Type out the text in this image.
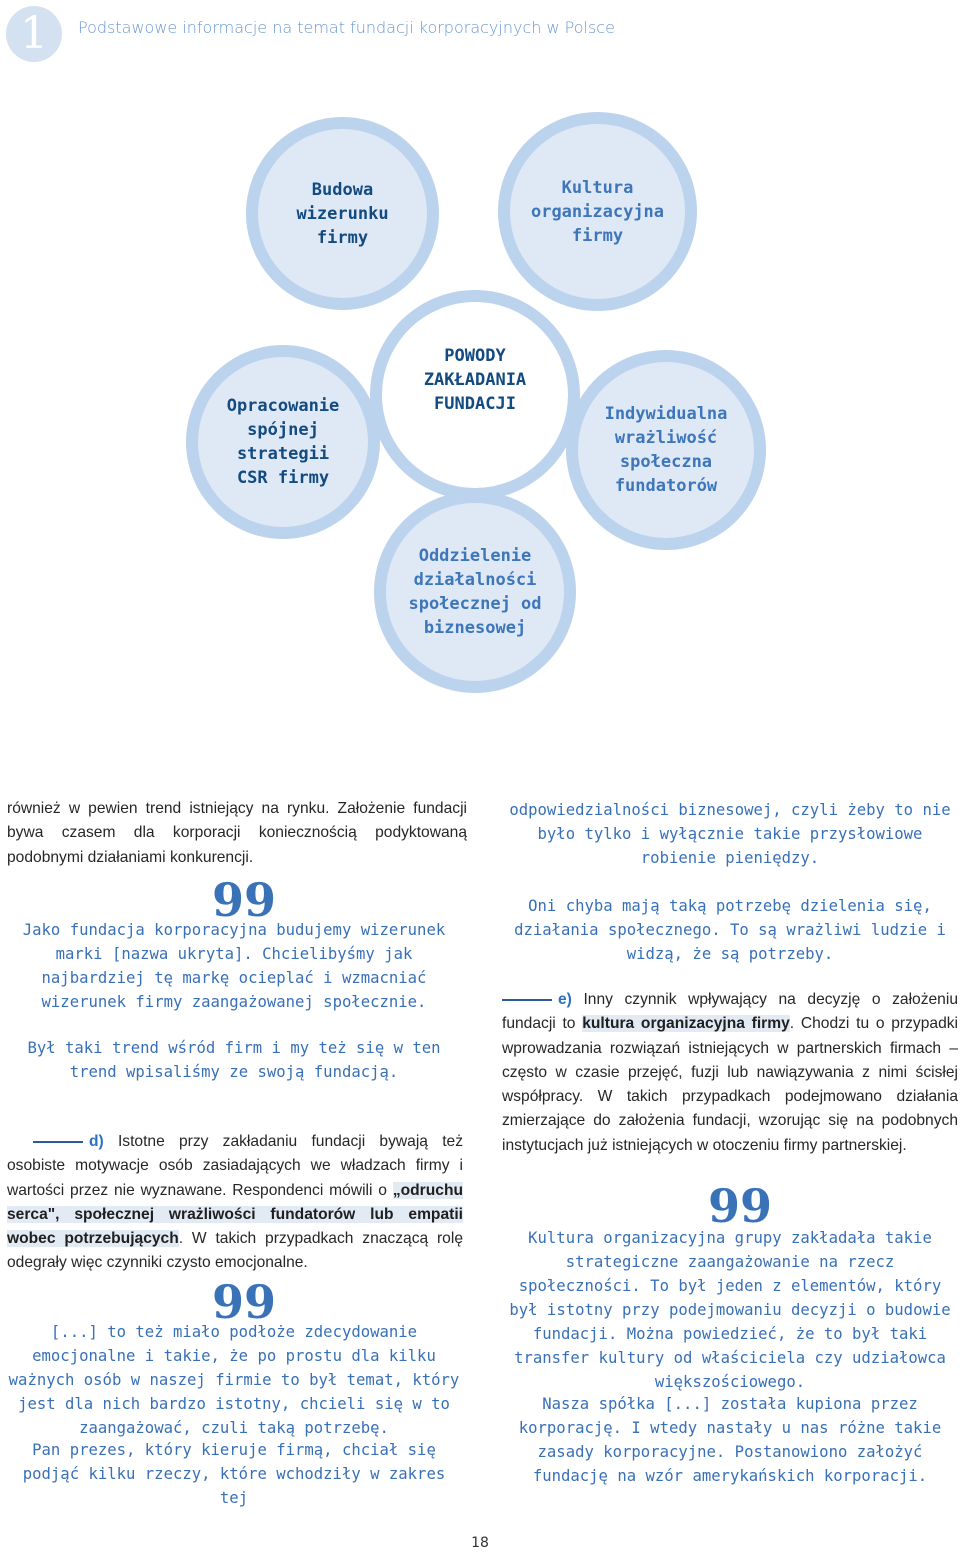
1	Podstawowe informacje na temat fundacji korporacyjnych w Polsce
Budowa
wizerunku
firmy
Kultura
organizacyjna
firmy
Opracowanie
spójnej strategii
CSR firmy
Indywidualna
wrażliwość
społeczna
fundatorów
Oddzielenie
działalności
społecznej od
biznesowej
POWODY
ZAKŁADANIA
FUNDACJI
również w pewien trend istniejący na rynku. Założenie fundacji bywa czasem dla korporacji koniecznością podyktowaną podobnymi działaniami konkurencji.
99
Jako fundacja korporacyjna budujemy wizerunek marki [nazwa ukryta]. Chcielibyśmy jak najbardziej tę markę ocieplać i wzmacniać wizerunek firmy zaangażowanej społecznie.
Był taki trend wśród firm i my też się w ten trend wpisaliśmy ze swoją fundacją.
d) Istotne przy zakładaniu fundacji bywają też osobiste motywacje osób zasiadających we władzach firmy i wartości przez nie wyznawane. Respondenci mówili o „odruchu serca", społecznej wrażliwości fundatorów lub empatii wobec potrzebujących. W takich przypadkach znaczącą rolę odegrały więc czynniki czysto emocjonalne.
99
[...] to też miało podłoże zdecydowanie emocjonalne i takie, że po prostu dla kilku ważnych osób w naszej firmie to był temat, który jest dla nich bardzo istotny, chcieli się w to zaangażować, czuli taką potrzebę.
Pan prezes, który kieruje firmą, chciał się podjąć kilku rzeczy, które wchodziły w zakres tej
odpowiedzialności biznesowej, czyli żeby to nie było tylko i wyłącznie takie przysłowiowe robienie pieniędzy.
Oni chyba mają taką potrzebę dzielenia się, działania społecznego. To są wrażliwi ludzie i widzą, że są potrzeby.
e) Inny czynnik wpływający na decyzję o założeniu fundacji to kultura organizacyjna firmy. Chodzi tu o przypadki wprowadzania rozwiązań istniejących w partnerskich firmach – często w czasie przejęć, fuzji lub nawiązywania z nimi ścisłej współpracy. W takich przypadkach podejmowano działania zmierzające do założenia fundacji, wzorując się na podobnych instytucjach już istniejących w otoczeniu firmy partnerskiej.
99
Kultura organizacyjna grupy zakładała takie strategiczne zaangażowanie na rzecz społeczności. To był jeden z elementów, który był istotny przy podejmowaniu decyzji o budowie fundacji. Można powiedzieć, że to był taki transfer kultury od właściciela czy udziałowca większościowego.
Nasza spółka [...] została kupiona przez korporację. I wtedy nastały u nas różne takie zasady korporacyjne. Postanowiono założyć fundację na wzór amerykańskich korporacji.
18
